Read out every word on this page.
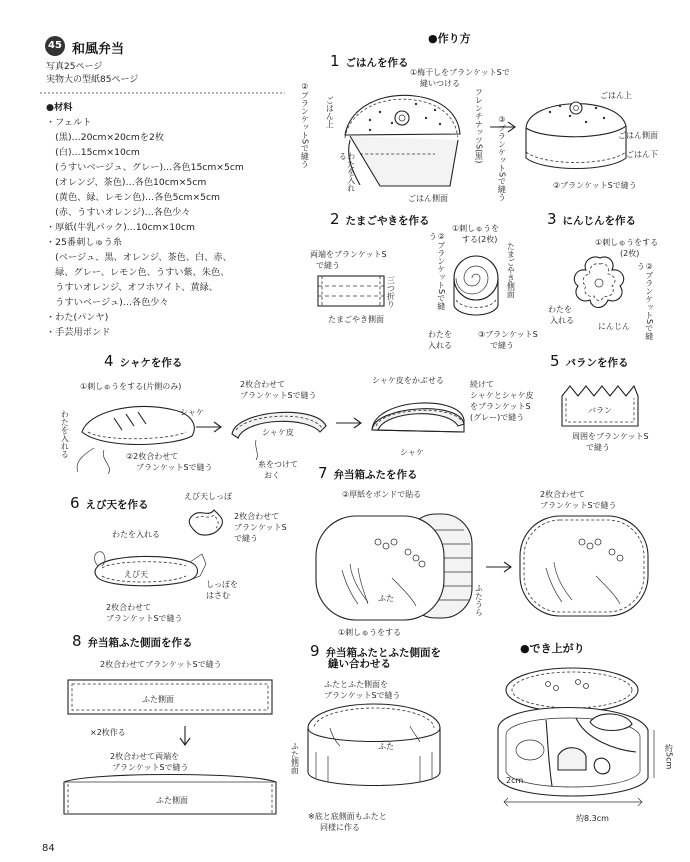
45 和風弁当
写真25ページ
実物大の型紙85ページ
●材料
・フェルト
　(黒)…20cm×20cmを2枚
　(白)…15cm×10cm
　(うすいベージュ、グレー)…各色15cm×5cm
　(オレンジ、茶色)…各色10cm×5cm
　(黄色、緑、レモン色)…各色5cm×5cm
　(赤、うすいオレンジ)…各色少々
・厚紙(牛乳パック)…10cm×10cm
・25番刺しゅう糸
　(ベージュ、黒、オレンジ、茶色、白、赤、
　緑、グレー、レモン色、うすい紫、朱色、
　うすいオレンジ、オフホワイト、黄緑、
　うすいベージュ)…各色少々
・わた(パンヤ)
・手芸用ボンド
●作り方
1 ごはんを作る
①梅干しをブランケットSで
縫いつける
②ブランケットSで縫う ごはん上	フレンチナッツS(黒)
わたを入れる	③ブランケットSで縫う
ごはん側面
ごはん上
ごはん側面
ごはん下
②ブランケットSで縫う
2 たまごやきを作る
両端をブランケットS
で縫う
三つ折り
たまごやき側面
①刺しゅうを
する(2枚)
②ブランケットSで縫う
たまごやき側面
わたを
入れる
③ブランケットS
で縫う
3 にんじんを作る
①刺しゅうをする
(2枚)
②ブランケットSで縫う
わたを
入れる
にんじん
4 シャケを作る
①刺しゅうをする(片側のみ)
わたを入れる	シャケ
②2枚合わせて
ブランケットSで縫う
2枚合わせて
ブランケットSで縫う
シャケ皮
糸をつけて
おく
シャケ皮をかぶせる
シャケ
続けて
シャケとシャケ皮
をブランケットS
(グレー)で縫う
5 バランを作る
バラン
周囲をブランケットS
で縫う
6 えび天を作る
えび天しっぽ
2枚合わせて
ブランケットS
で縫う
わたを入れる
えび天
しっぽを
はさむ
2枚合わせて
ブランケットSで縫う
7 弁当箱ふたを作る
②厚紙をボンドで貼る
ふた	ふたうら
①刺しゅうをする
2枚合わせて
ブランケットSで縫う
8 弁当箱ふた側面を作る
2枚合わせてブランケットSで縫う
ふた側面
×2枚作る
2枚合わせて両端を
ブランケットSで縫う
ふた側面
9 弁当箱ふたとふた側面を
縫い合わせる
ふたとふた側面を
ブランケットSで縫う
ふた
ふた側面
※底と底側面もふたと
同様に作る
●でき上がり
2cm
約8.3cm
約5cm
84
